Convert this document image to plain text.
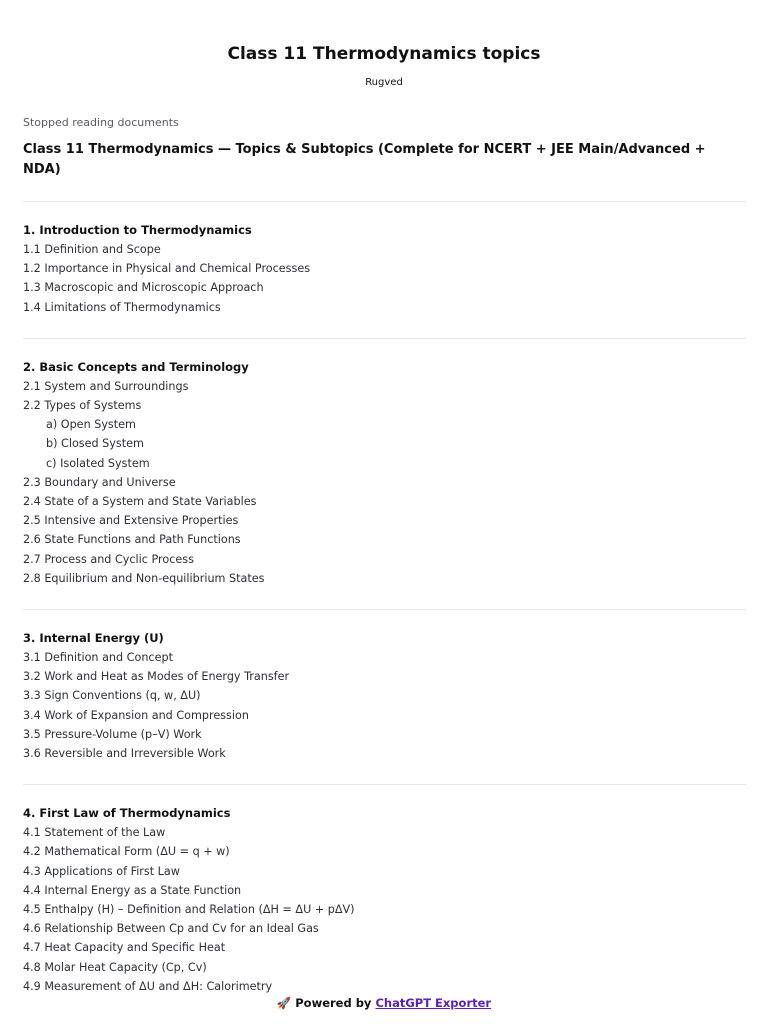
Class 11 Thermodynamics topics
Rugved

Stopped reading documents

Class 11 Thermodynamics — Topics & Subtopics (Complete for NCERT + JEE Main/Advanced + NDA)

1. Introduction to Thermodynamics

1.1 Definition and Scope

1.2 Importance in Physical and Chemical Processes

1.3 Macroscopic and Microscopic Approach

1.4 Limitations of Thermodynamics

2. Basic Concepts and Terminology

2.1 System and Surroundings

2.2 Types of Systems

a) Open System

b) Closed System

c) Isolated System

2.3 Boundary and Universe

2.4 State of a System and State Variables

2.5 Intensive and Extensive Properties

2.6 State Functions and Path Functions

2.7 Process and Cyclic Process

2.8 Equilibrium and Non-equilibrium States

3. Internal Energy (U)

3.1 Definition and Concept

3.2 Work and Heat as Modes of Energy Transfer

3.3 Sign Conventions (q, w, ΔU)

3.4 Work of Expansion and Compression

3.5 Pressure-Volume (p–V) Work

3.6 Reversible and Irreversible Work

4. First Law of Thermodynamics

4.1 Statement of the Law

4.2 Mathematical Form (ΔU = q + w)

4.3 Applications of First Law

4.4 Internal Energy as a State Function

4.5 Enthalpy (H) – Definition and Relation (ΔH = ΔU + pΔV)

4.6 Relationship Between Cp and Cv for an Ideal Gas

4.7 Heat Capacity and Specific Heat

4.8 Molar Heat Capacity (Cp, Cv)

4.9 Measurement of ΔU and ΔH: Calorimetry

🚀 Powered by ChatGPT Exporter
